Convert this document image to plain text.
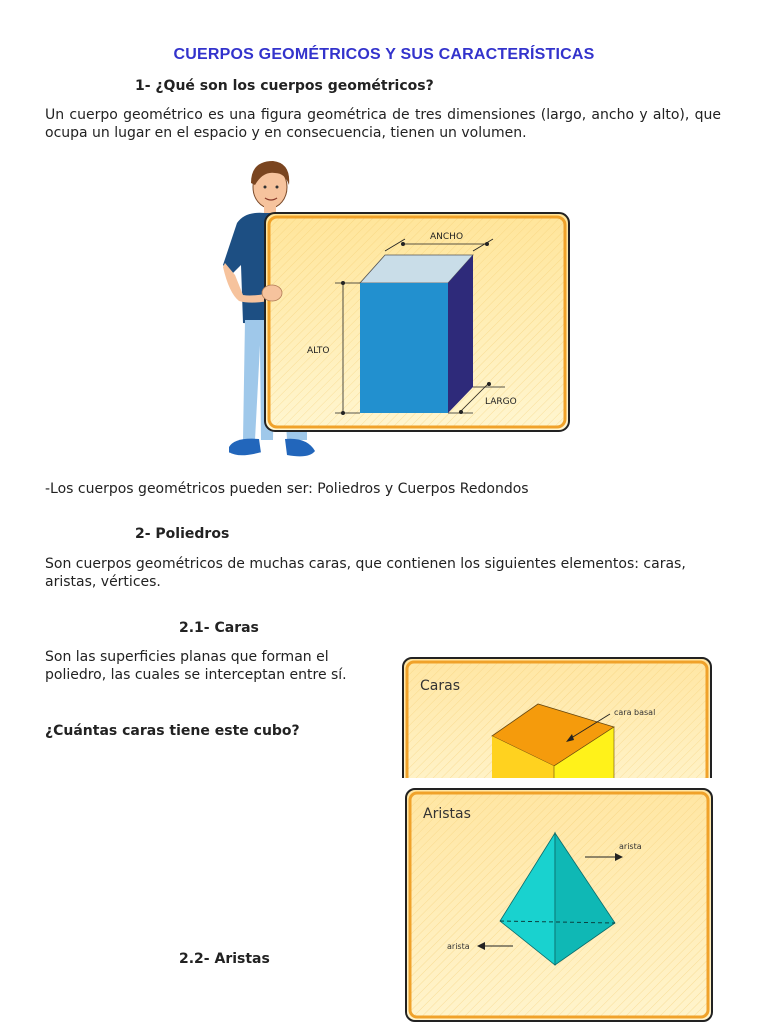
CUERPOS GEOMÉTRICOS Y SUS CARACTERÍSTICAS
1- ¿Qué son los cuerpos geométricos?
Un cuerpo geométrico es una figura geométrica de tres dimensiones (largo, ancho y alto), que ocupa un lugar en el espacio y en consecuencia, tienen un volumen.
ANCHO
ALTO
LARGO
-Los cuerpos geométricos pueden ser: Poliedros y Cuerpos Redondos
2- Poliedros
Son cuerpos geométricos de muchas caras, que contienen los siguientes elementos: caras, aristas, vértices.
2.1- Caras
Son las superficies planas que forman el poliedro, las cuales se interceptan entre sí.
¿Cuántas caras tiene este cubo?
Caras
cara basal
Aristas
arista
arista
2.2- Aristas
